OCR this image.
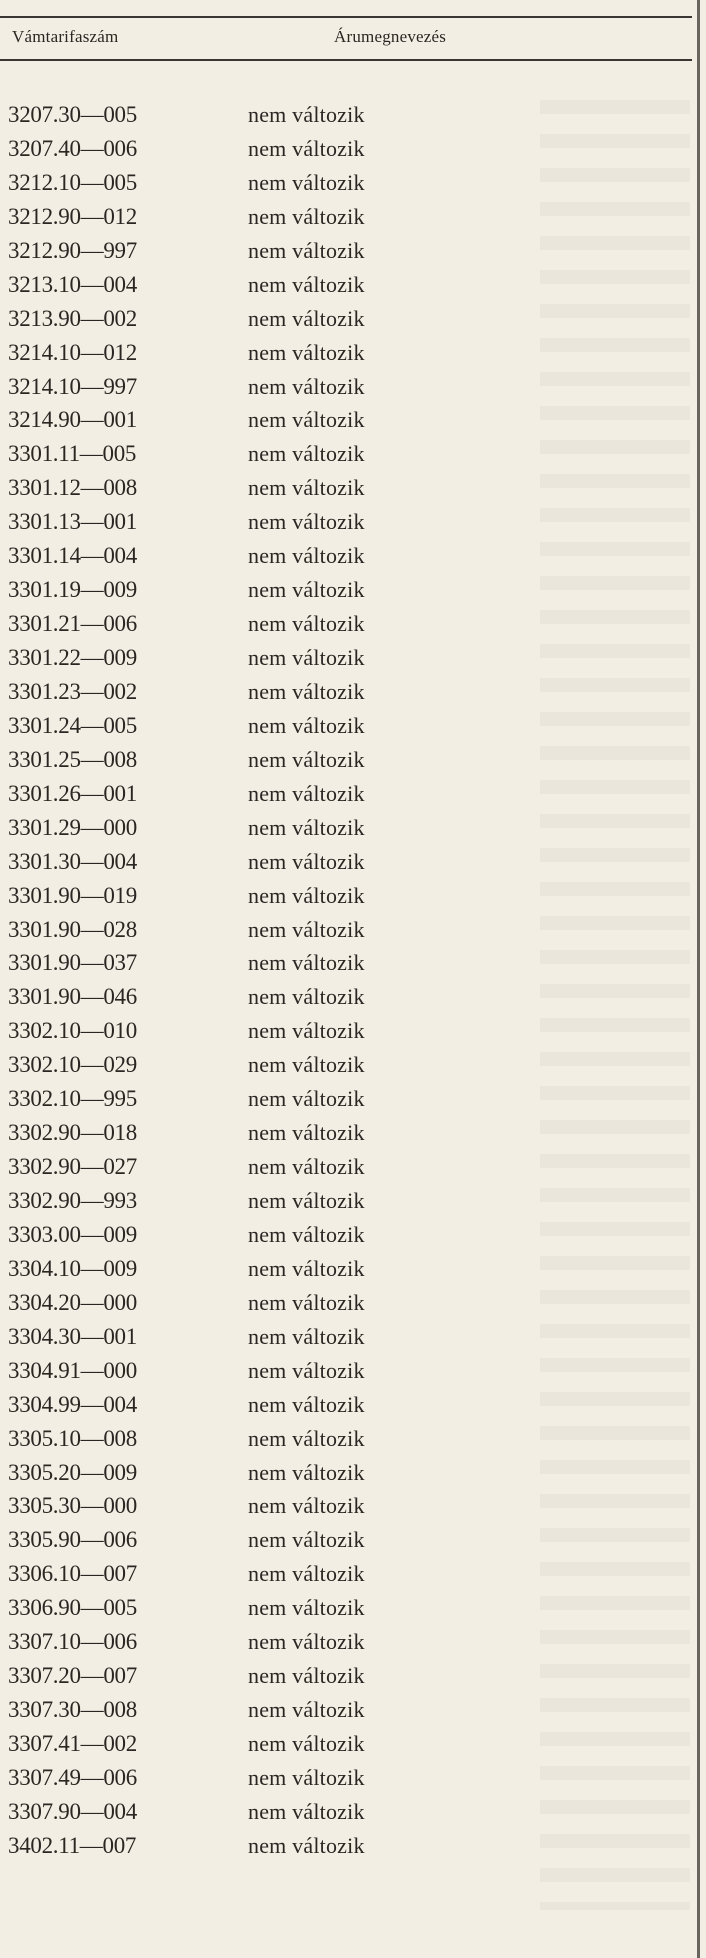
Vámtarifaszám	Árumegnevezés
3207.30—005	nem változik
3207.40—006	nem változik
3212.10—005	nem változik
3212.90—012	nem változik
3212.90—997	nem változik
3213.10—004	nem változik
3213.90—002	nem változik
3214.10—012	nem változik
3214.10—997	nem változik
3214.90—001	nem változik
3301.11—005	nem változik
3301.12—008	nem változik
3301.13—001	nem változik
3301.14—004	nem változik
3301.19—009	nem változik
3301.21—006	nem változik
3301.22—009	nem változik
3301.23—002	nem változik
3301.24—005	nem változik
3301.25—008	nem változik
3301.26—001	nem változik
3301.29—000	nem változik
3301.30—004	nem változik
3301.90—019	nem változik
3301.90—028	nem változik
3301.90—037	nem változik
3301.90—046	nem változik
3302.10—010	nem változik
3302.10—029	nem változik
3302.10—995	nem változik
3302.90—018	nem változik
3302.90—027	nem változik
3302.90—993	nem változik
3303.00—009	nem változik
3304.10—009	nem változik
3304.20—000	nem változik
3304.30—001	nem változik
3304.91—000	nem változik
3304.99—004	nem változik
3305.10—008	nem változik
3305.20—009	nem változik
3305.30—000	nem változik
3305.90—006	nem változik
3306.10—007	nem változik
3306.90—005	nem változik
3307.10—006	nem változik
3307.20—007	nem változik
3307.30—008	nem változik
3307.41—002	nem változik
3307.49—006	nem változik
3307.90—004	nem változik
3402.11—007	nem változik
